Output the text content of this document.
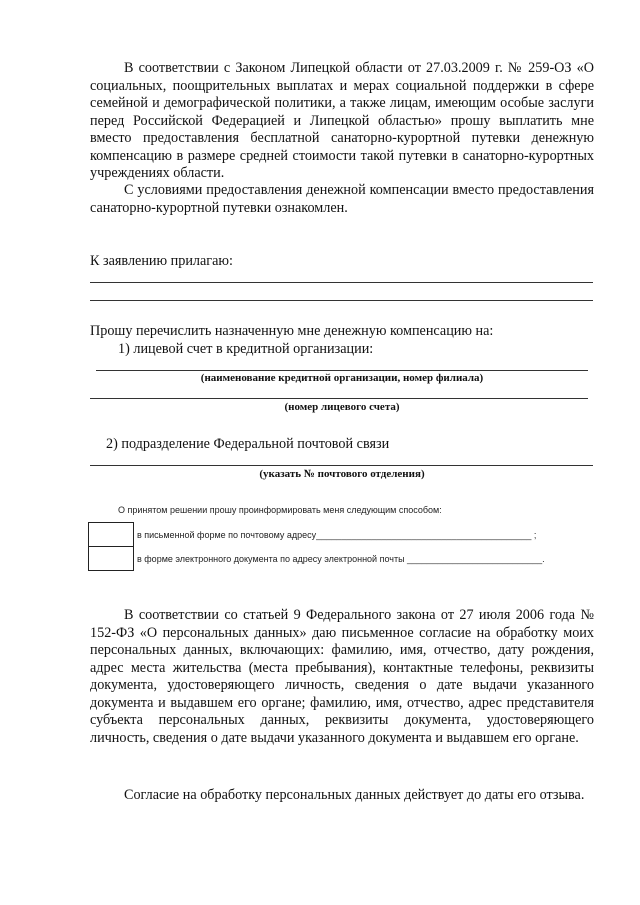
В соответствии с Законом Липецкой области от 27.03.2009 г. № 259-ОЗ «О социальных, поощрительных выплатах и мерах социальной поддержки в сфере семейной и демографической политики, а также лицам, имеющим особые заслуги перед Российской Федерацией и Липецкой областью» прошу выплатить мне вместо предоставления бесплатной санаторно-курортной путевки денежную компенсацию в размере средней стоимости такой путевки в санаторно-курортных учреждениях области.

С условиями предоставления денежной компенсации вместо предоставления санаторно-курортной путевки ознакомлен.

К заявлению прилагаю:

Прошу перечислить назначенную мне денежную компенсацию на:

1) лицевой счет в кредитной организации:

(наименование кредитной организации, номер филиала)
(номер лицевого счета)

2) подразделение Федеральной почтовой связи

(указать № почтового отделения)
О принятом решении прошу проинформировать меня следующим способом:
в письменной форме по почтовому адресу___________________________________________ ;
в форме электронного документа по адресу электронной почты ___________________________.

В соответствии со статьей 9 Федерального закона от 27 июля 2006 года № 152-ФЗ «О персональных данных» даю письменное согласие на обработку моих персональных данных, включающих: фамилию, имя, отчество, дату рождения, адрес места жительства (места пребывания), контактные телефоны, реквизиты документа, удостоверяющего личность, сведения о дате выдачи указанного документа и выдавшем его органе; фамилию, имя, отчество, адрес представителя субъекта персональных данных, реквизиты документа, удостоверяющего личность, сведения о дате выдачи указанного документа и выдавшем его органе.

Согласие на обработку персональных данных действует до даты его отзыва.
